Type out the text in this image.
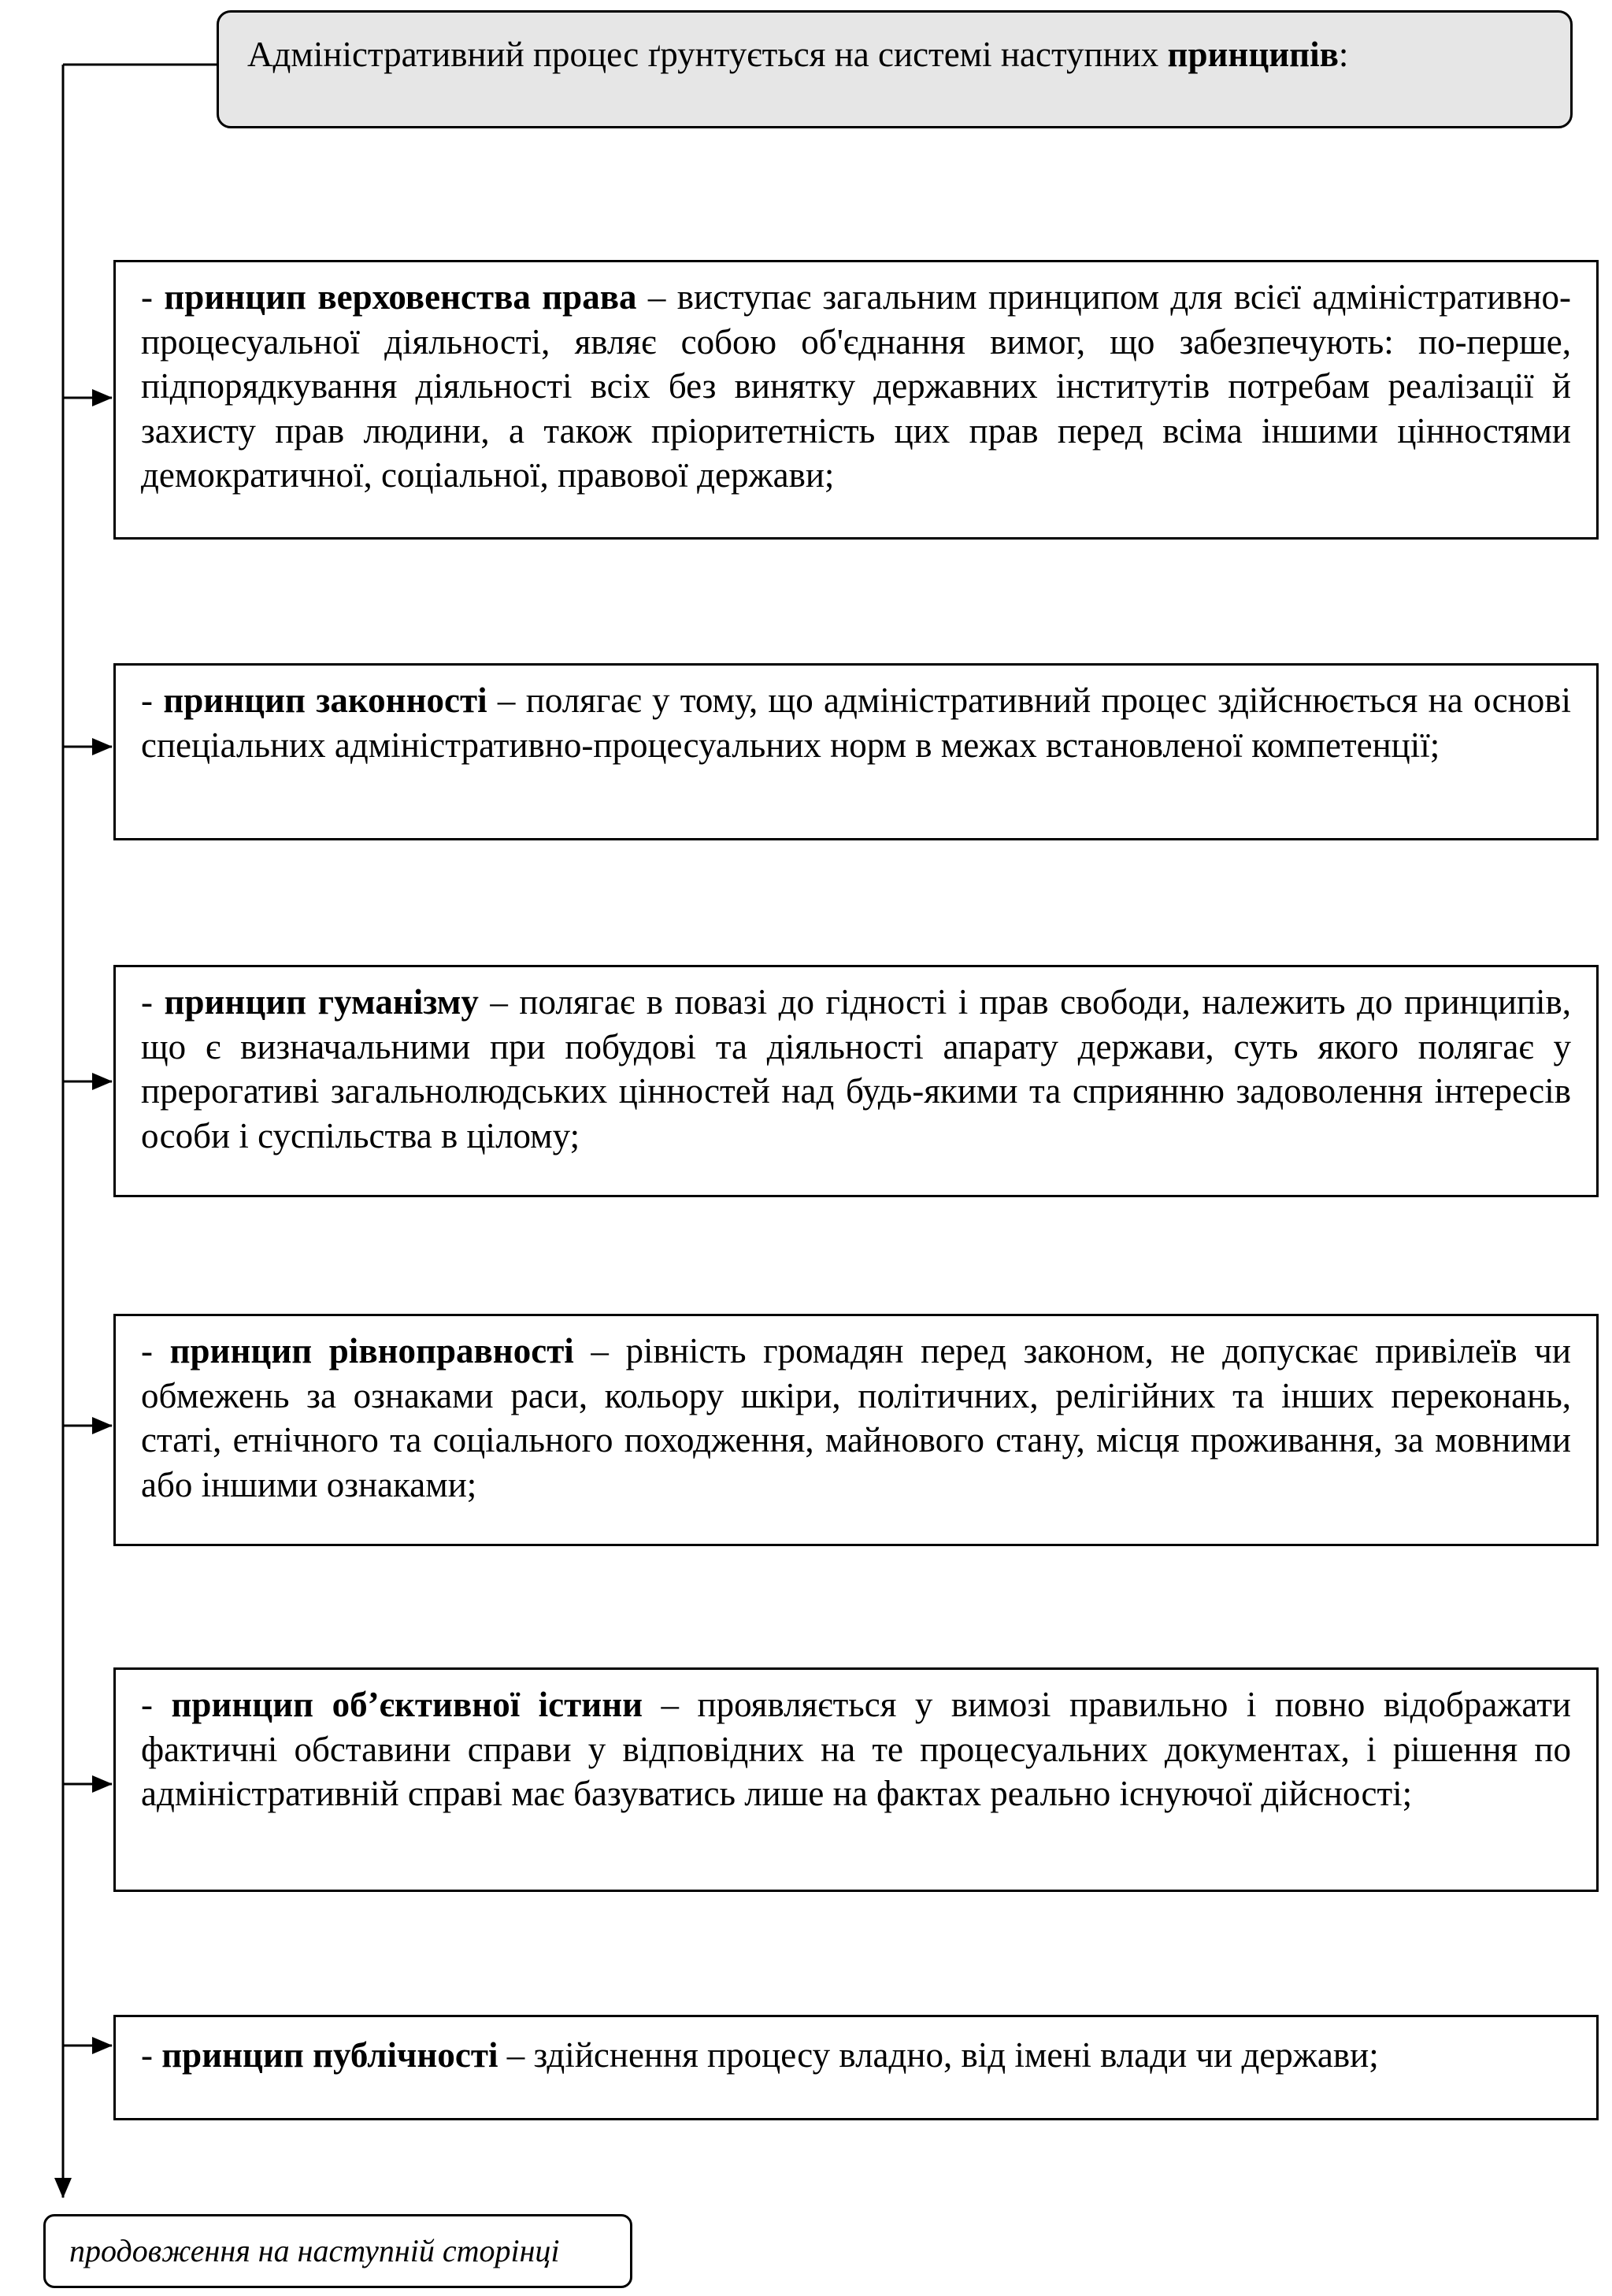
Адміністративний процес ґрунтується на системі наступних принципів:
- принцип верховенства права – виступає загальним принципом для всієї адміністративно-процесуальної діяльності, являє собою об'єднання вимог, що забезпечують: по-перше, підпорядкування діяльності всіх без винятку державних інститутів потребам реалізації й захисту прав людини, а також пріоритетність цих прав перед всіма іншими цінностями демократичної, соціальної, правової держави;
- принцип законності – полягає у тому, що адміністративний процес здійснюється на основі спеціальних адміністративно-процесуальних норм в межах встановленої компетенції;
- принцип гуманізму – полягає в повазі до гідності і прав свободи, належить до принципів, що є визначальними при побудові та діяльності апарату держави, суть якого полягає у прерогативі загальнолюдських цінностей над будь-якими та сприянню задоволення інтересів особи і суспільства в цілому;
- принцип рівноправності – рівність громадян перед законом, не допускає привілеїв чи обмежень за ознаками раси, кольору шкіри, політичних, релігійних та інших переконань, статі, етнічного та соціального походження, майнового стану, місця проживання, за мовними або іншими ознаками;
- принцип об’єктивної істини – проявляється у вимозі правильно і повно відображати фактичні обставини справи у відповідних на те процесуальних документах, і рішення по адміністративній справі має базуватись лише на фактах реально існуючої дійсності;
- принцип публічності – здійснення процесу владно, від імені влади чи держави;
продовження на наступній сторінці
